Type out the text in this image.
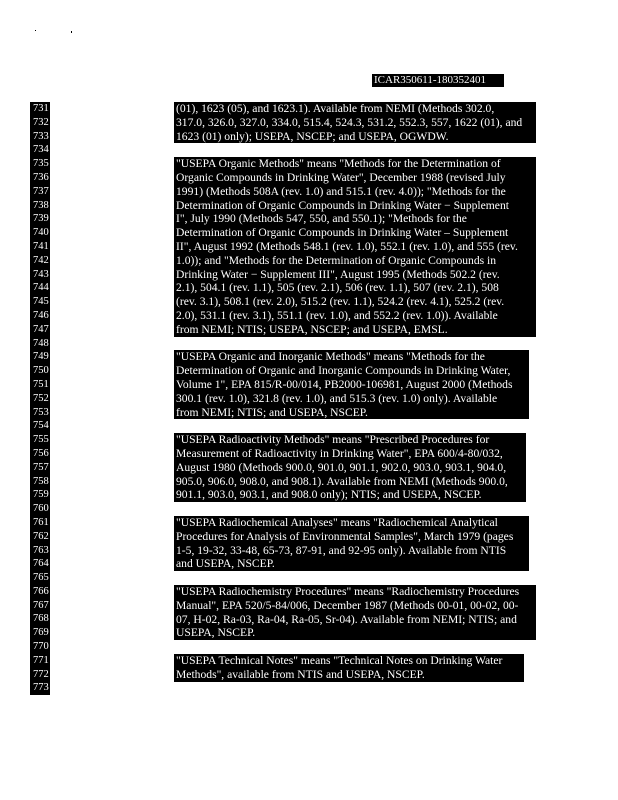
ICAR350611-180352401
731
732
733
734
735
736
737
738
739
740
741
742
743
744
745
746
747
748
749
750
751
752
753
754
755
756
757
758
759
760
761
762
763
764
765
766
767
768
769
770
771
772
773
(01), 1623 (05), and 1623.1). Available from NEMI (Methods 302.0,
317.0, 326.0, 327.0, 334.0, 515.4, 524.3, 531.2, 552.3, 557, 1622 (01), and
1623 (01) only); USEPA, NSCEP; and USEPA, OGWDW.
"USEPA Organic Methods" means "Methods for the Determination of
Organic Compounds in Drinking Water", December 1988 (revised July
1991) (Methods 508A (rev. 1.0) and 515.1 (rev. 4.0)); "Methods for the
Determination of Organic Compounds in Drinking Water − Supplement
I", July 1990 (Methods 547, 550, and 550.1); "Methods for the
Determination of Organic Compounds in Drinking Water – Supplement
II", August 1992 (Methods 548.1 (rev. 1.0), 552.1 (rev. 1.0), and 555 (rev.
1.0)); and "Methods for the Determination of Organic Compounds in
Drinking Water − Supplement III", August 1995 (Methods 502.2 (rev.
2.1), 504.1 (rev. 1.1), 505 (rev. 2.1), 506 (rev. 1.1), 507 (rev. 2.1), 508
(rev. 3.1), 508.1 (rev. 2.0), 515.2 (rev. 1.1), 524.2 (rev. 4.1), 525.2 (rev.
2.0), 531.1 (rev. 3.1), 551.1 (rev. 1.0), and 552.2 (rev. 1.0)). Available
from NEMI; NTIS; USEPA, NSCEP; and USEPA, EMSL.
"USEPA Organic and Inorganic Methods" means "Methods for the
Determination of Organic and Inorganic Compounds in Drinking Water,
Volume 1", EPA 815/R-00/014, PB2000-106981, August 2000 (Methods
300.1 (rev. 1.0), 321.8 (rev. 1.0), and 515.3 (rev. 1.0) only). Available
from NEMI; NTIS; and USEPA, NSCEP.
"USEPA Radioactivity Methods" means "Prescribed Procedures for
Measurement of Radioactivity in Drinking Water", EPA 600/4-80/032,
August 1980 (Methods 900.0, 901.0, 901.1, 902.0, 903.0, 903.1, 904.0,
905.0, 906.0, 908.0, and 908.1). Available from NEMI (Methods 900.0,
901.1, 903.0, 903.1, and 908.0 only); NTIS; and USEPA, NSCEP.
"USEPA Radiochemical Analyses" means "Radiochemical Analytical
Procedures for Analysis of Environmental Samples", March 1979 (pages
1-5, 19-32, 33-48, 65-73, 87-91, and 92-95 only). Available from NTIS
and USEPA, NSCEP.
"USEPA Radiochemistry Procedures" means "Radiochemistry Procedures
Manual", EPA 520/5-84/006, December 1987 (Methods 00-01, 00-02, 00-
07, H-02, Ra-03, Ra-04, Ra-05, Sr-04). Available from NEMI; NTIS; and
USEPA, NSCEP.
"USEPA Technical Notes" means "Technical Notes on Drinking Water
Methods", available from NTIS and USEPA, NSCEP.
